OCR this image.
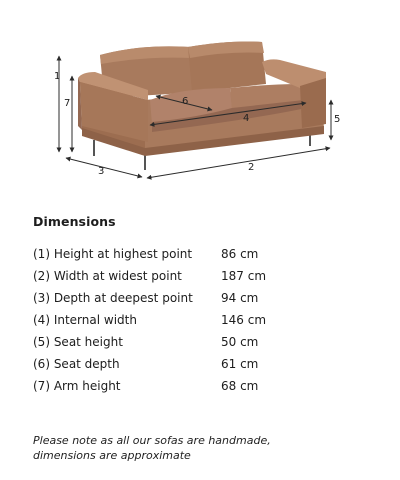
1
7
3	2
5
6
4
Dimensions
(1) Height at highest point 86 cm
(2) Width at widest point	187 cm
(3) Depth at deepest point 94 cm
(4) Internal width	146 cm
(5) Seat height	50 cm
(6) Seat depth	61 cm
(7) Arm height	68 cm
Please note as all our sofas are handmade,
dimensions are approximate
